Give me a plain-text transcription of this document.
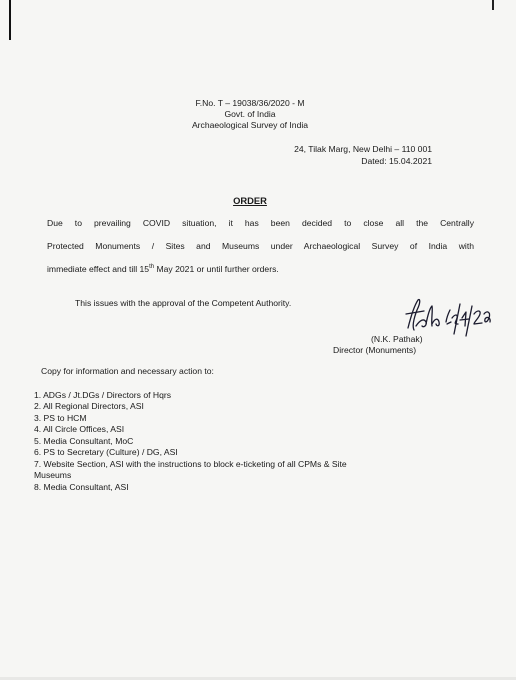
F.No. T – 19038/36/2020 - M
Govt. of India
Archaeological Survey of India
24, Tilak Marg, New Delhi – 110 001
Dated: 15.04.2021
ORDER
Due to prevailing COVID situation, it has been decided to close all the Centrally
Protected Monuments / Sites and Museums under Archaeological Survey of India with
immediate effect and till 15th May 2021 or until further orders.
This issues with the approval of the Competent Authority.
(N.K. Pathak)
Director (Monuments)
Copy for information and necessary action to:
1. ADGs / Jt.DGs / Directors of Hqrs
2. All Regional Directors, ASI
3. PS to HCM
4. All Circle Offices, ASI
5. Media Consultant, MoC
6. PS to Secretary (Culture) / DG, ASI
7. Website Section, ASI with the instructions to block e-ticketing of all CPMs & Site
Museums
8. Media Consultant, ASI
